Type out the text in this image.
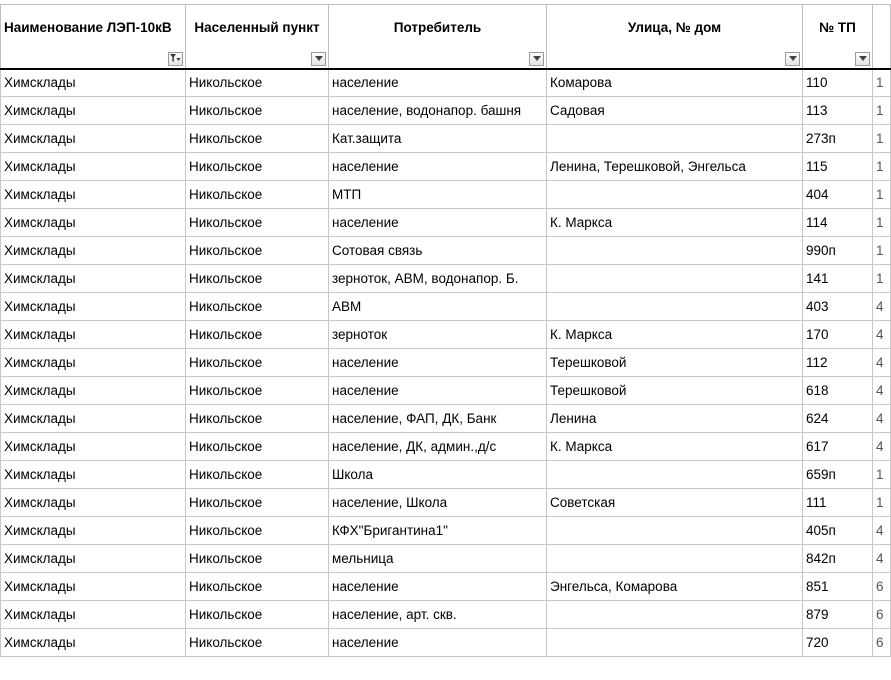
Наименование ЛЭП-10кВ	Населенный пункт	Потребитель	Улица, № дом	№ ТП

Химсклады	Никольское	население	Комарова	110	1
Химсклады	Никольское	население, водонапор. башня	Садовая	113	1
Химсклады	Никольское	Кат.защита		273п	1
Химсклады	Никольское	население	Ленина, Терешковой, Энгельса	115	1
Химсклады	Никольское	МТП		404	1
Химсклады	Никольское	население	К. Маркса	114	1
Химсклады	Никольское	Сотовая связь		990п	1
Химсклады	Никольское	зерноток, АВМ, водонапор. Б.		141	1
Химсклады	Никольское	АВМ		403	4
Химсклады	Никольское	зерноток	К. Маркса	170	4
Химсклады	Никольское	население	Терешковой	112	4
Химсклады	Никольское	население	Терешковой	618	4
Химсклады	Никольское	население, ФАП, ДК, Банк	Ленина	624	4
Химсклады	Никольское	население, ДК, админ.,д/с	К. Маркса	617	4
Химсклады	Никольское	Школа		659п	1
Химсклады	Никольское	население, Школа	Советская	111	1
Химсклады	Никольское	КФХ"Бригантина1"		405п	4
Химсклады	Никольское	мельница		842п	4
Химсклады	Никольское	население	Энгельса, Комарова	851	6
Химсклады	Никольское	население, арт. скв.		879	6
Химсклады	Никольское	население		720	6
